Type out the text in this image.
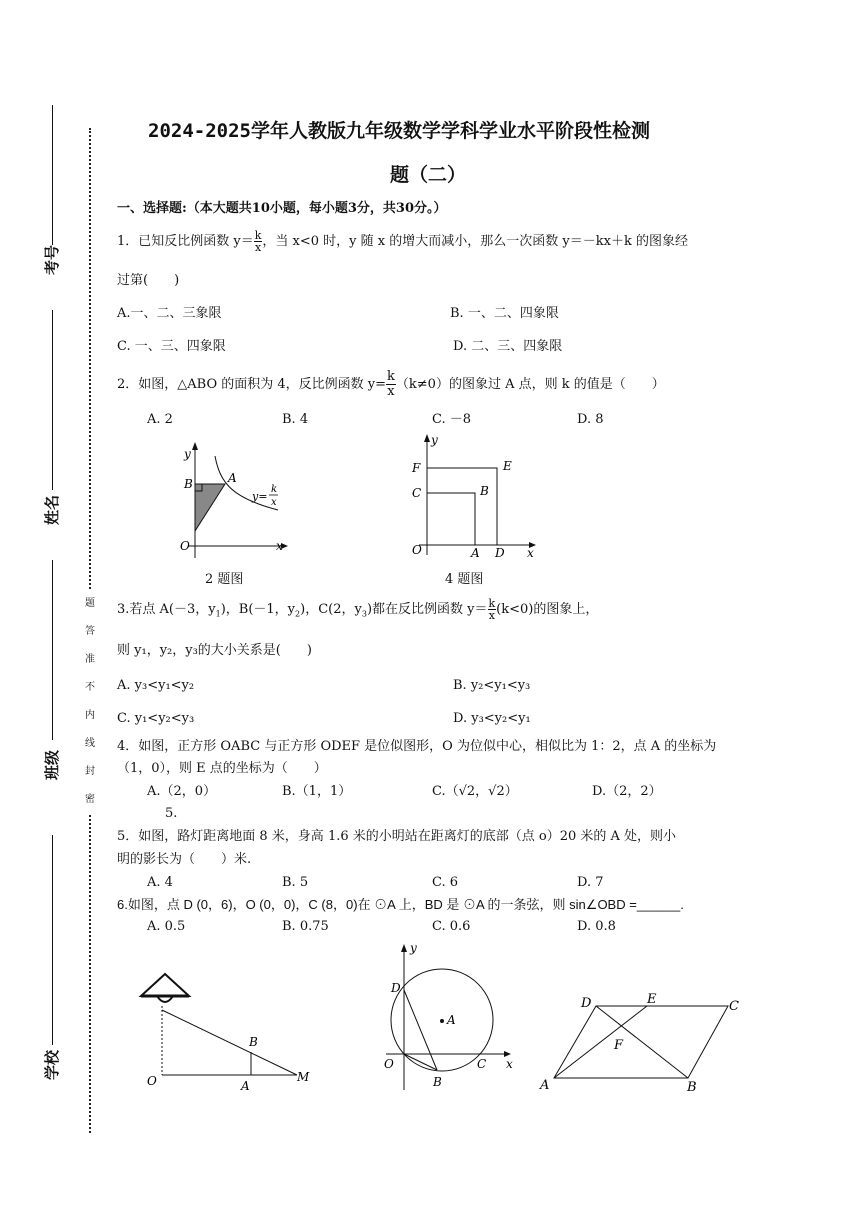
考号
姓名
班级
学校
题
答
准
不
内
线
封
密
2024-2025学年人教版九年级数学学科学业水平阶段性检测
题（二）
一、选择题:（本大题共10小题，每小题3分，共30分。）
1．已知反比例函数 $y= \frac{k}{x}$ ，当 x<0 时，y 随 x 的增大而减小，那么一次函数 y＝－kx＋k 的图象经
过第(　　)
A.一、二、三象限	B. 一、二、四象限
C. 一、三、四象限	D. 二、三、四象限
2．如图，△ABO 的面积为 4，反比例函数 $y= \frac{k}{x} (k\ne 0)$的图象过 A 点，则 k 的值是（　　）
A. 2	B. 4	C. －8	D. 8
y
B	A
O	x
y=
k
x
2 题图
y
F	E
C	B
O	A D x
4 题图
3.若点 A(－3，$y_1$)，B(－1，$y_2$)，C(2，$y_3$)都在反比例函数 $y= \frac{k}{x} (k<0)$的图象上，
则 y₁，y₂，y₃的大小关系是(　　)
A. y₃<y₁<y₂	B. y₂<y₁<y₃
C. y₁<y₂<y₃	D. y₃<y₂<y₁
4．如图，正方形 OABC 与正方形 ODEF 是位似图形，O 为位似中心，相似比为 1：2，点 A 的坐标为
（1，0），则 E 点的坐标为（　　）
A.（2，0）	B.（1，1）	C.（√2，√2）	D.（2，2）
5.
5．如图，路灯距离地面 8 米，身高 1.6 米的小明站在距离灯的底部（点 o）20 米的 A 处，则小
明的影长为（　　）米.
A. 4	B. 5	C. 6	D. 7
6.如图，点 D (0，6)，O (0，0)，C (8，0)在 ⊙A 上，BD 是 ⊙A 的一条弦，则 sin∠OBD =______.
A. 0.5	B. 0.75	C. 0.6	D. 0.8
O	A
B
M
D
A
O
B
C
y
x
D	E	C
F
A	B
